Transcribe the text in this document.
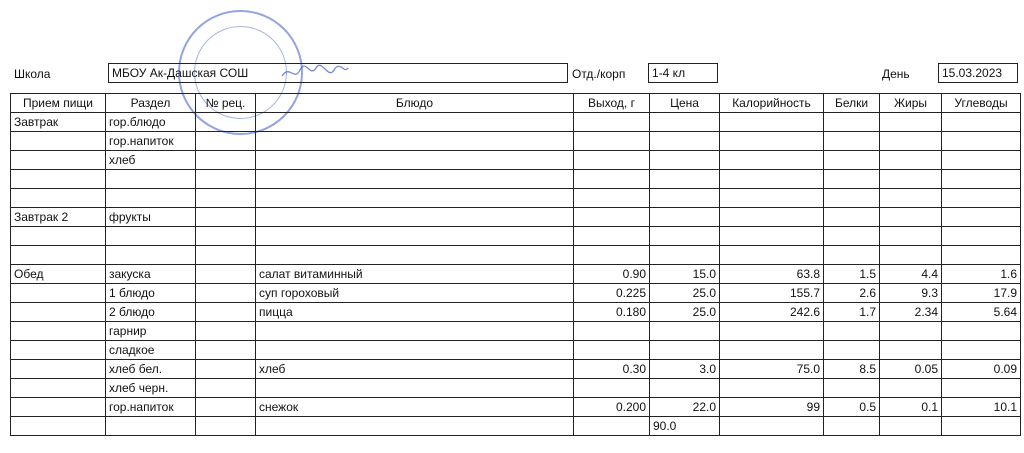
Школа	МБОУ Ак-Дашская СОШ	Отд./корп 1-4 кл	День	15.03.2023
Прием пищи	Раздел	№ рец.	Блюдо	Выход, г	Цена	Калорийность	Белки	Жиры	Углеводы
Завтрак	гор.блюдо								
	гор.напиток								
	хлеб								

Завтрак 2	фрукты								

Обед	закуска		салат витаминный	0.90	15.0	63.8	1.5	4.4	1.6
	1 блюдо		суп гороховый	0.225	25.0	155.7	2.6	9.3	17.9
	2 блюдо		пицца	0.180	25.0	242.6	1.7	2.34	5.64
	гарнир								
	сладкое								
	хлеб бел.		хлеб	0.30	3.0	75.0	8.5	0.05	0.09
	хлеб черн.								
	гор.напиток		снежок	0.200	22.0	99	0.5	0.1	10.1
					90.0				
